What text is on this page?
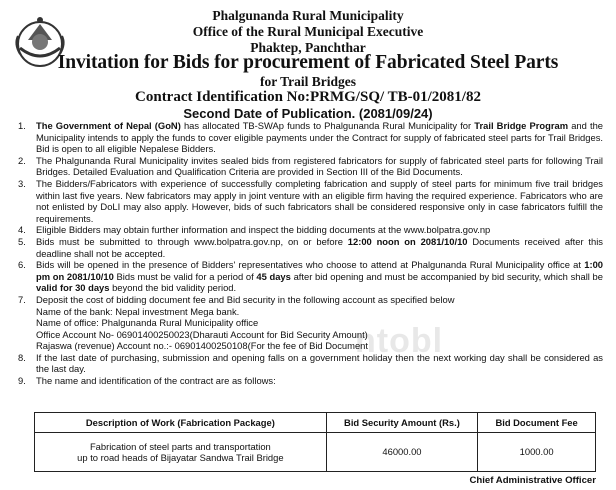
Phalgunanda Rural Municipality
Office of the Rural Municipal Executive
Phaktep, Panchthar
Invitation for Bids for procurement of Fabricated Steel Parts
for Trail Bridges
Contract Identification No:PRMG/SQ/ TB-01/2081/82
Second Date of Publication. (2081/09/24)
ntobl
1. The Government of Nepal (GoN) has allocated TB-SWAp funds to Phalgunanda Rural Municipality for Trail Bridge Program and the Municipality intends to apply the funds to cover eligible payments under the Contract for supply of fabricated steel parts for Trail Bridges. Bid is open to all eligible Nepalese Bidders.
2. The Phalgunanda Rural Municipality invites sealed bids from registered fabricators for supply of fabricated steel parts for following Trail Bridges. Detailed Evaluation and Qualification Criteria are provided in Section III of the Bid Documents.
3. The Bidders/Fabricators with experience of successfully completing fabrication and supply of steel parts for minimum five trail bridges within last five years. New fabricators may apply in joint venture with an eligible firm having the required experience. Fabricators who are not enlisted by DoLI may also apply. However, bids of such fabricators shall be considered responsive only in case fabricators fulfill the requirements.
4. Eligible Bidders may obtain further information and inspect the bidding documents at the www.bolpatra.gov.np
5. Bids must be submitted to through www.bolpatra.gov.np, on or before 12:00 noon on 2081/10/10 Documents received after this deadline shall not be accepted.
6. Bids will be opened in the presence of Bidders' representatives who choose to attend at Phalgunanda Rural Municipality office at 1:00 pm on 2081/10/10 Bids must be valid for a period of 45 days after bid opening and must be accompanied by bid security, which shall be valid for 30 days beyond the bid validity period.
7. Deposit the cost of bidding document fee and Bid security in the following account as specified below
Name of the bank: Nepal investment Mega bank.
Name of office: Phalgunanda Rural Municipality office
Office Account No- 06901400250023(Dharauti Account for Bid Security Amount)
Rajaswa (revenue) Account no.:- 06901400250108(For the fee of Bid Document
8. If the last date of purchasing, submission and opening falls on a government holiday then the next working day shall be considered as the last day.
9. The name and identification of the contract are as follows:
Description of Work (Fabrication Package)	Bid Security Amount (Rs.)	Bid Document Fee
Fabrication of steel parts and transportation
up to road heads of Bijayatar Sandwa Trail Bridge	46000.00	1000.00
Chief Administrative Officer
